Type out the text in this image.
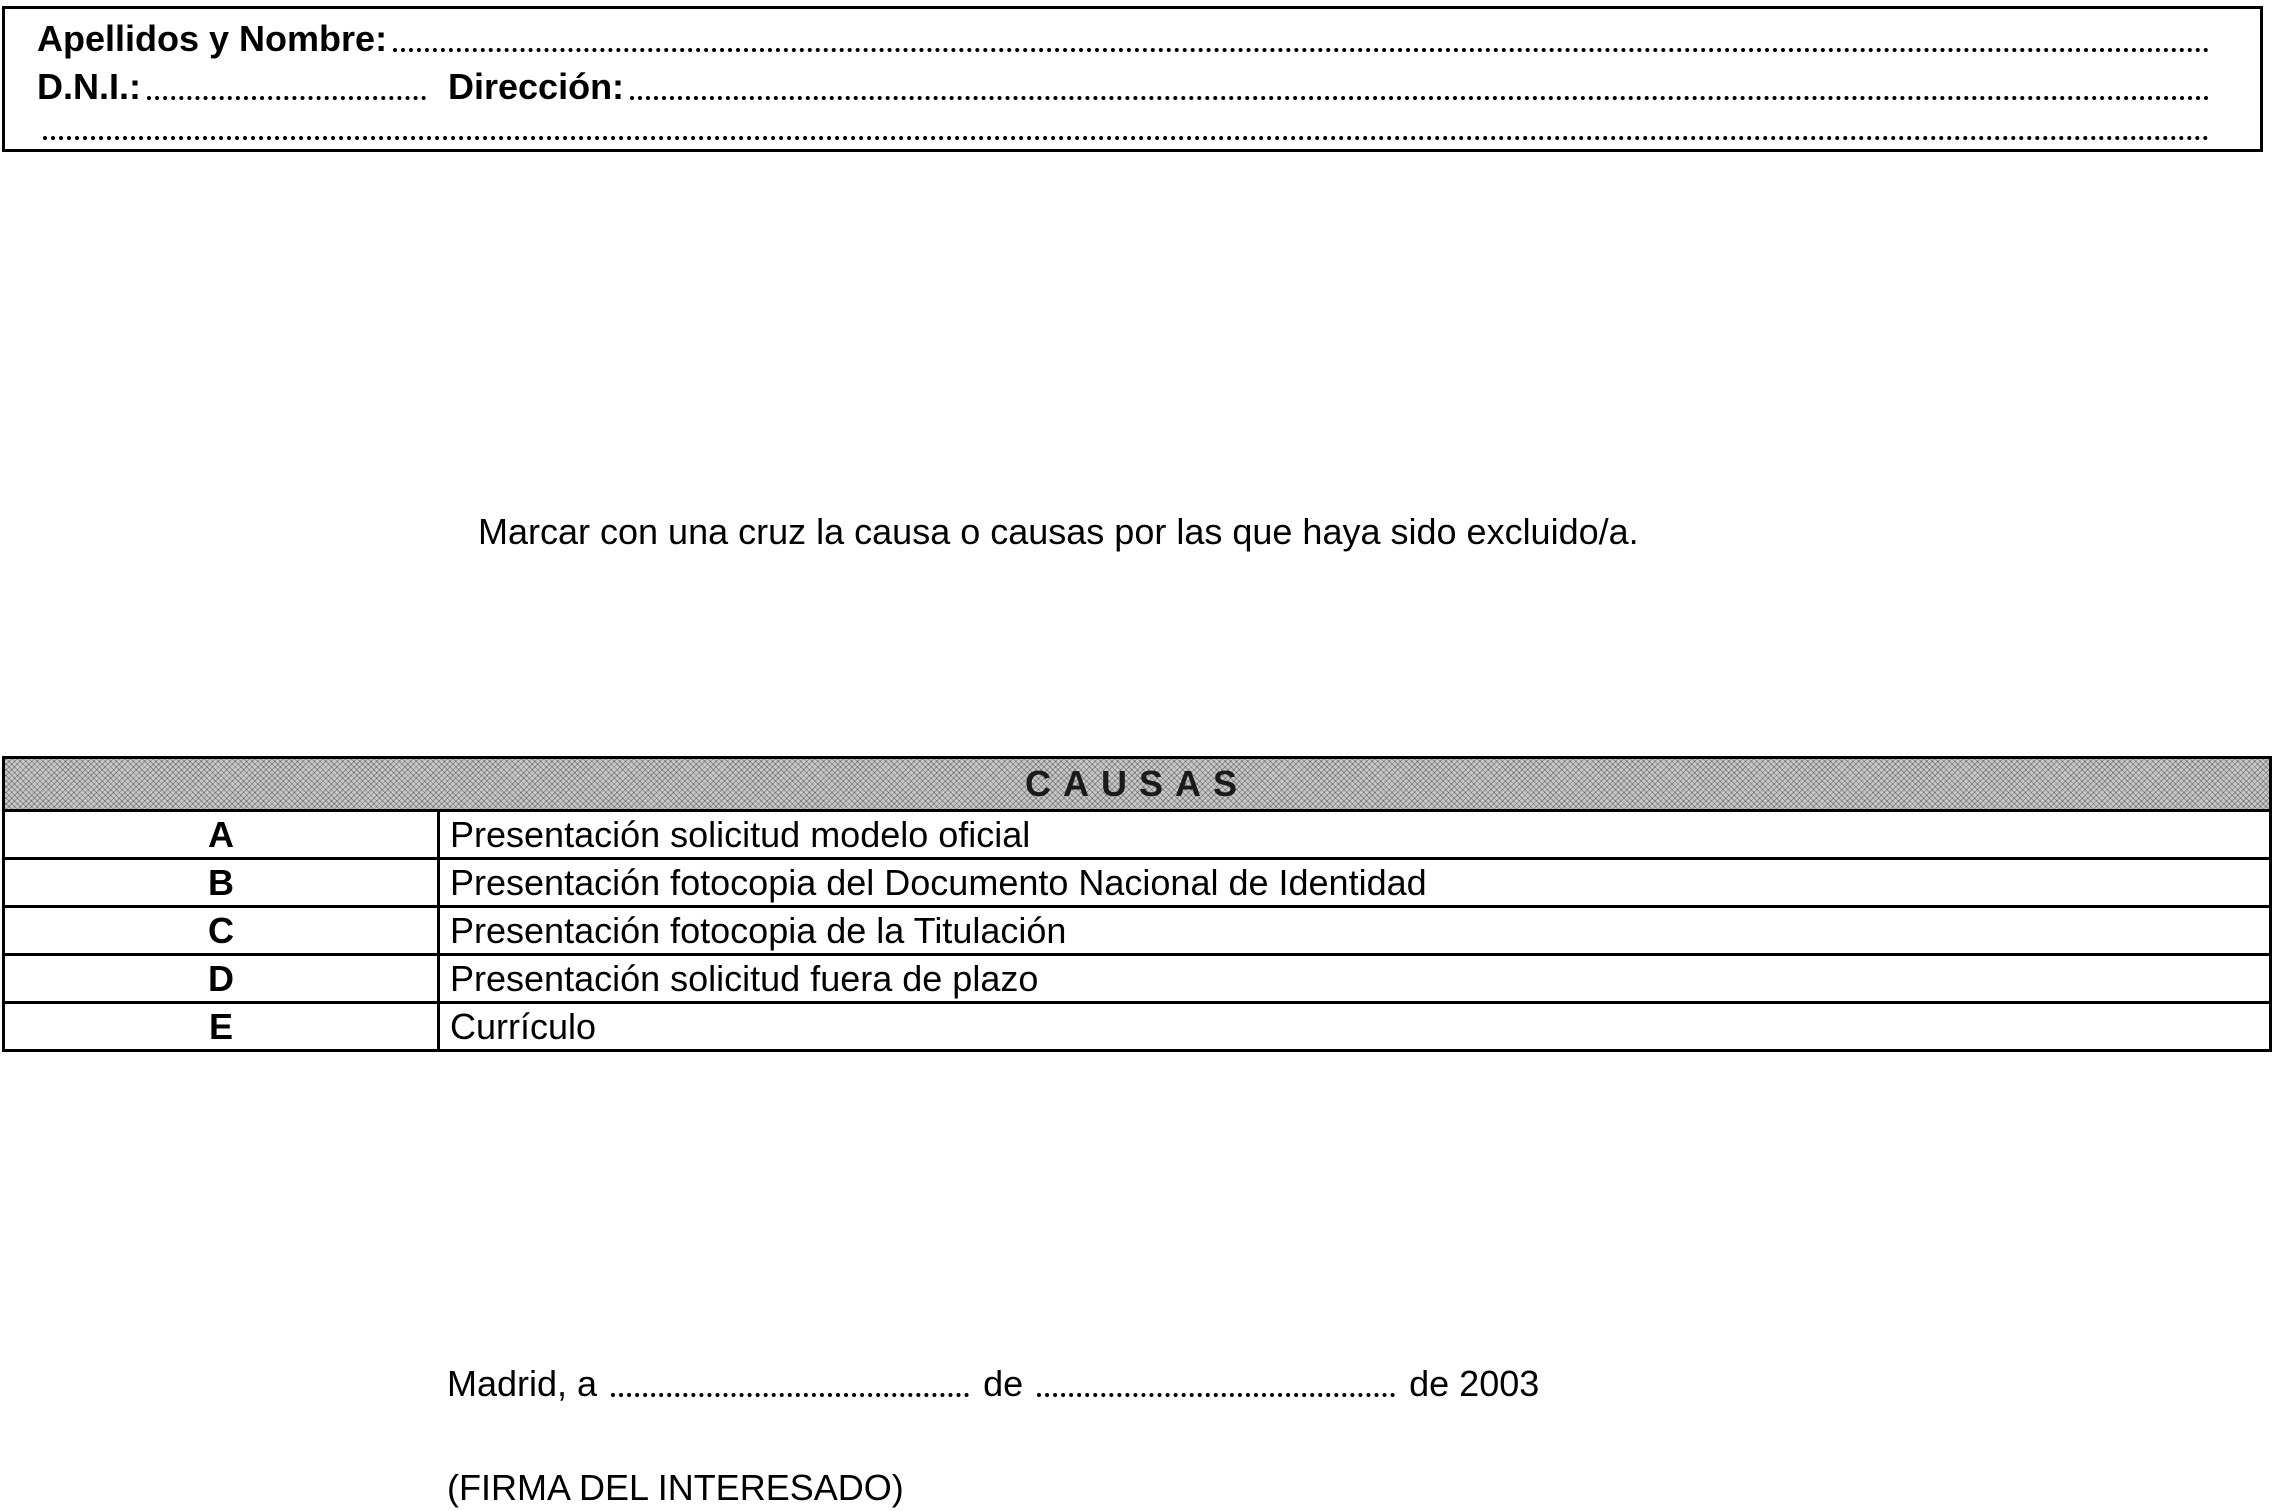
Apellidos y Nombre:
D.N.I.:	Dirección:
Marcar con una cruz la causa o causas por las que haya sido excluido/a.
CAUSAS	
A	Presentación solicitud modelo oficial
B	Presentación fotocopia del Documento Nacional de Identidad
C	Presentación fotocopia de la Titulación
D	Presentación solicitud fuera de plazo
E	Currículo
Madrid, a	de	de 2003
(FIRMA DEL INTERESADO)
